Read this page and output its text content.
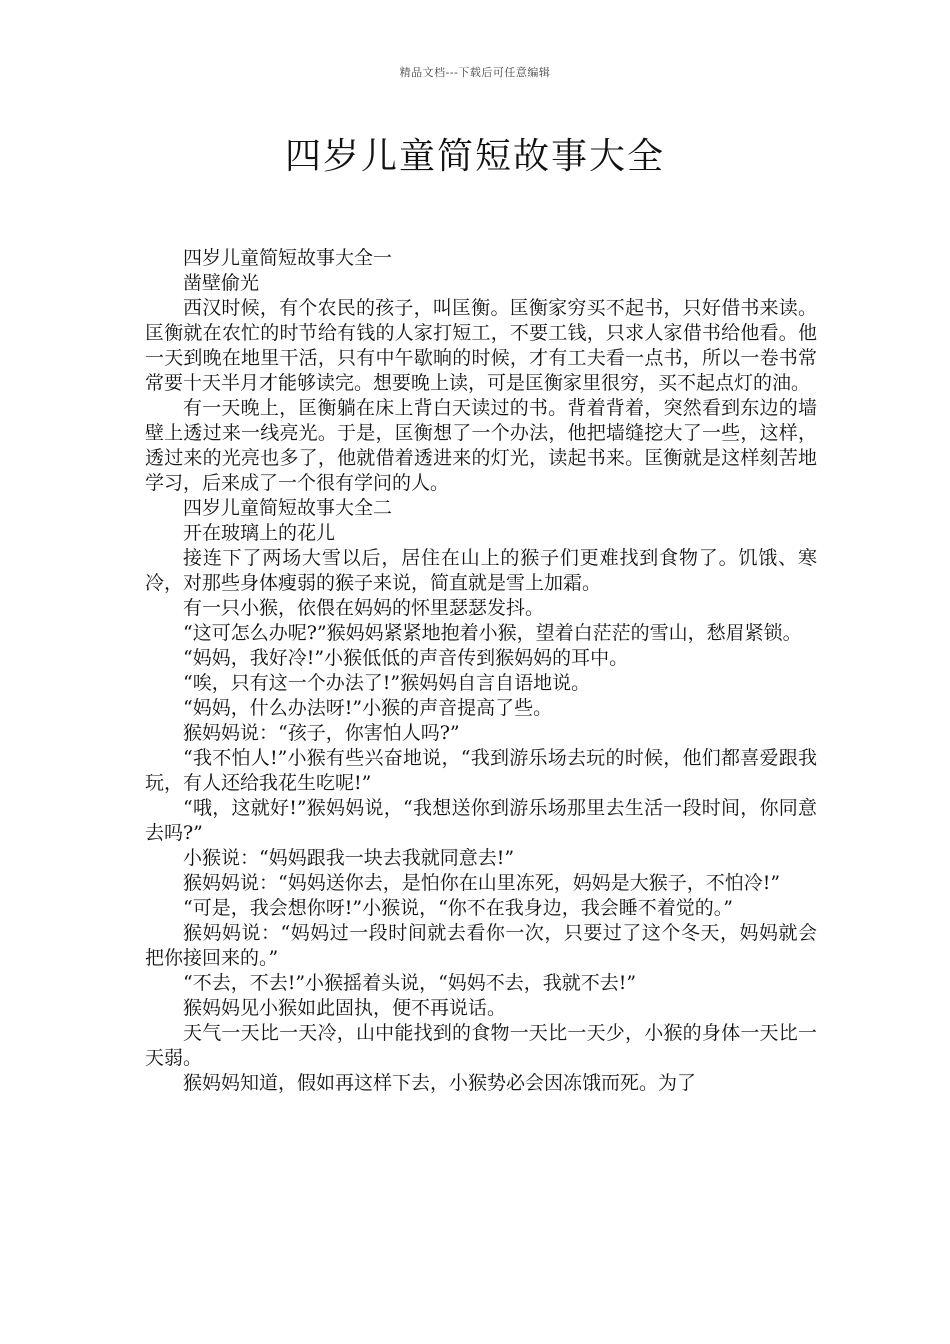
精品文档---下载后可任意编辑
四岁儿童简短故事大全

四岁儿童简短故事大全一

凿壁偷光

西汉时候，有个农民的孩子，叫匡衡。匡衡家穷买不起书，只好借书来读。匡衡就在农忙的时节给有钱的人家打短工，不要工钱，只求人家借书给他看。他一天到晚在地里干活，只有中午歇晌的时候，才有工夫看一点书，所以一卷书常常要十天半月才能够读完。想要晚上读，可是匡衡家里很穷，买不起点灯的油。

有一天晚上，匡衡躺在床上背白天读过的书。背着背着，突然看到东边的墙壁上透过来一线亮光。于是，匡衡想了一个办法，他把墙缝挖大了一些，这样，透过来的光亮也多了，他就借着透进来的灯光，读起书来。匡衡就是这样刻苦地学习，后来成了一个很有学问的人。

四岁儿童简短故事大全二

开在玻璃上的花儿

接连下了两场大雪以后，居住在山上的猴子们更难找到食物了。饥饿、寒冷，对那些身体瘦弱的猴子来说，简直就是雪上加霜。

有一只小猴，依偎在妈妈的怀里瑟瑟发抖。

“这可怎么办呢?”猴妈妈紧紧地抱着小猴，望着白茫茫的雪山，愁眉紧锁。

“妈妈，我好冷!”小猴低低的声音传到猴妈妈的耳中。

“唉，只有这一个办法了!”猴妈妈自言自语地说。

“妈妈，什么办法呀!”小猴的声音提高了些。

猴妈妈说：“孩子，你害怕人吗?”

“我不怕人!”小猴有些兴奋地说，“我到游乐场去玩的时候，他们都喜爱跟我玩，有人还给我花生吃呢!”

“哦，这就好!”猴妈妈说，“我想送你到游乐场那里去生活一段时间，你同意去吗?”

小猴说：“妈妈跟我一块去我就同意去!”

猴妈妈说：“妈妈送你去，是怕你在山里冻死，妈妈是大猴子，不怕冷!”

“可是，我会想你呀!”小猴说，“你不在我身边，我会睡不着觉的。”

猴妈妈说：“妈妈过一段时间就去看你一次，只要过了这个冬天，妈妈就会把你接回来的。”

“不去，不去!”小猴摇着头说，“妈妈不去，我就不去!”

猴妈妈见小猴如此固执，便不再说话。

天气一天比一天冷，山中能找到的食物一天比一天少，小猴的身体一天比一天弱。

猴妈妈知道，假如再这样下去，小猴势必会因冻饿而死。为了
